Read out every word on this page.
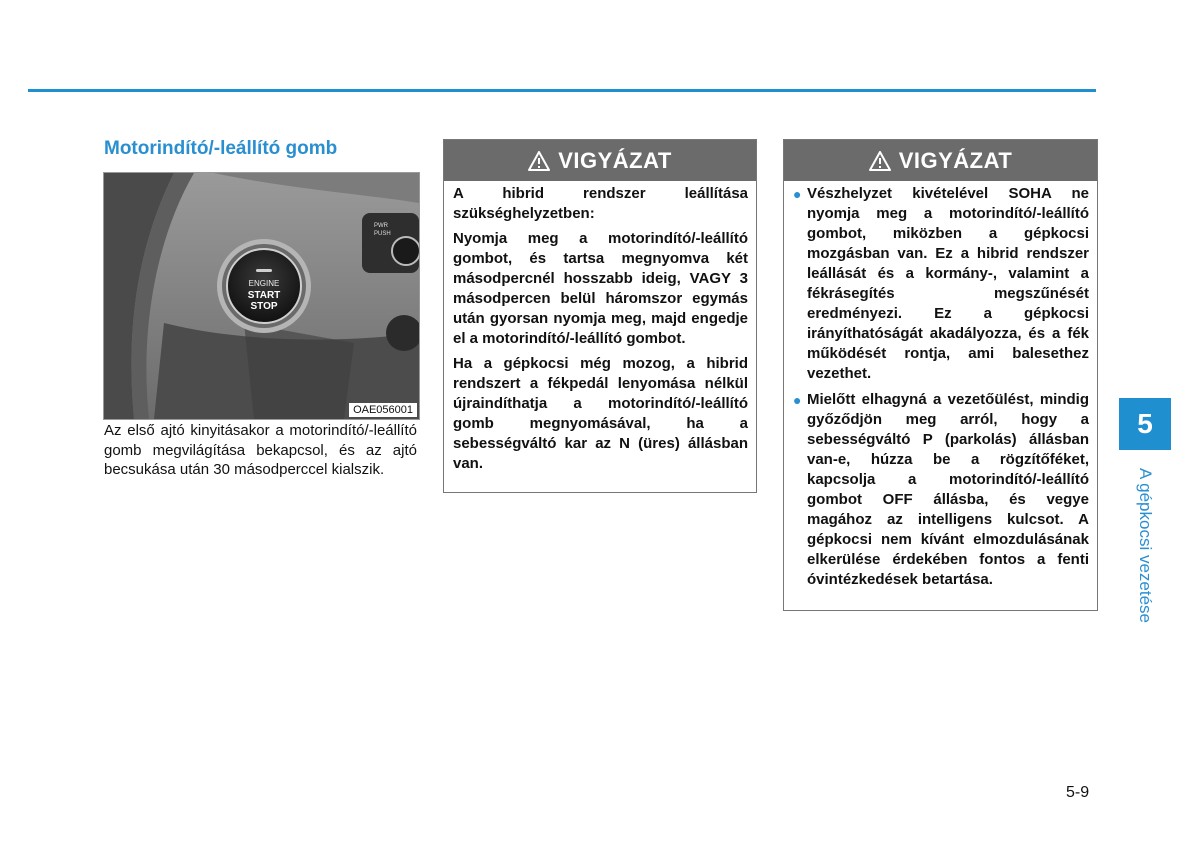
Motorindító/-leállító gomb
PWR
PUSH
ENGINE
START
STOP
OAE056001
Az első ajtó kinyitásakor a motorindító/-leállító gomb megvilágítása bekapcsol, és az ajtó becsukása után 30 másodperccel kialszik.
VIGYÁZAT

A hibrid rendszer leállítása szükséghelyzetben:

Nyomja meg a motorindító/-leállító gombot, és tartsa megnyomva két másodpercnél hosszabb ideig, VAGY 3 másodpercen belül háromszor egymás után gyorsan nyomja meg, majd engedje el a motorindító/-leállító gombot.

Ha a gépkocsi még mozog, a hibrid rendszert a fékpedál lenyomása nélkül újraindíthatja a motorindító/-leállító gomb megnyomásával, ha a sebességváltó kar az N (üres) állásban van.

VIGYÁZAT
● Vészhelyzet kivételével SOHA ne nyomja meg a motorindító/-leállító gombot, miközben a gépkocsi mozgásban van. Ez a hibrid rendszer leállását és a kormány-, valamint a fékrásegítés megszűnését eredményezi. Ez a gépkocsi irányíthatóságát akadályozza, és a fék működését rontja, ami balesethez vezethet.
● Mielőtt elhagyná a vezetőülést, mindig győződjön meg arról, hogy a sebességváltó P (parkolás) állásban van-e, húzza be a rögzítőféket, kapcsolja a motorindító/-leállító gombot OFF állásba, és vegye magához az intelligens kulcsot. A gépkocsi nem kívánt elmozdulásának elkerülése érdekében fontos a fenti óvintézkedések betartása.
5
A gépkocsi vezetése
5-9
